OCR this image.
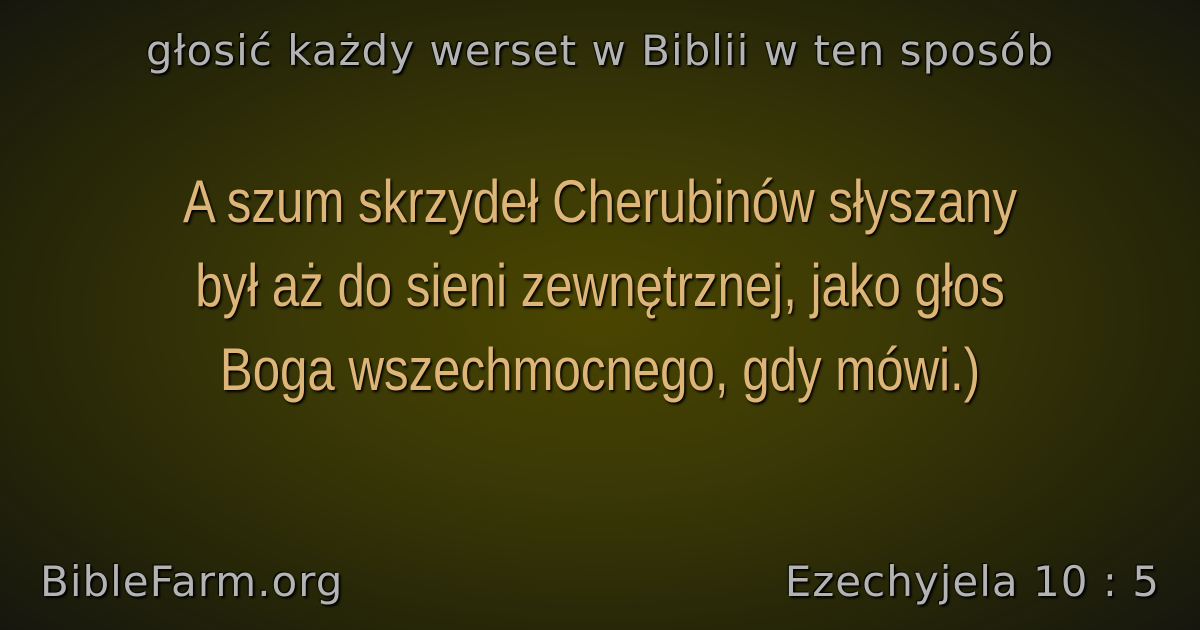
głosić każdy werset w Biblii w ten sposób
A szum skrzydeł Cherubinów słyszany
był aż do sieni zewnętrznej, jako głos
Boga wszechmocnego, gdy mówi.)
BibleFarm.org	Ezechyjela 10 : 5
